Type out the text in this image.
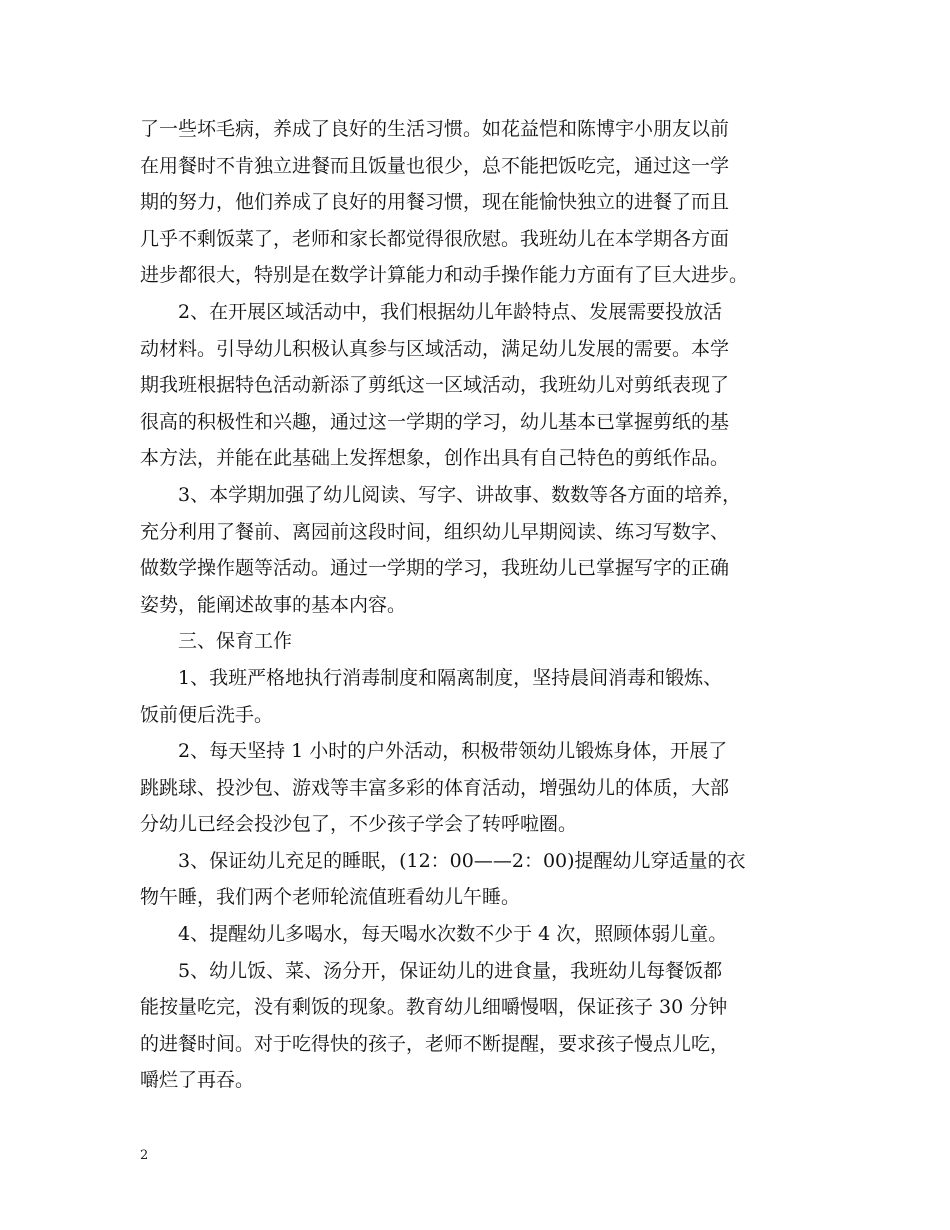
了一些坏毛病，养成了良好的生活习惯。如花益恺和陈博宇小朋友以前
在用餐时不肯独立进餐而且饭量也很少，总不能把饭吃完，通过这一学
期的努力，他们养成了良好的用餐习惯，现在能愉快独立的进餐了而且
几乎不剩饭菜了，老师和家长都觉得很欣慰。我班幼儿在本学期各方面
进步都很大，特别是在数学计算能力和动手操作能力方面有了巨大进步。
2、在开展区域活动中，我们根据幼儿年龄特点、发展需要投放活
动材料。引导幼儿积极认真参与区域活动，满足幼儿发展的需要。本学
期我班根据特色活动新添了剪纸这一区域活动，我班幼儿对剪纸表现了
很高的积极性和兴趣，通过这一学期的学习，幼儿基本已掌握剪纸的基
本方法，并能在此基础上发挥想象，创作出具有自己特色的剪纸作品。
3、本学期加强了幼儿阅读、写字、讲故事、数数等各方面的培养，
充分利用了餐前、离园前这段时间，组织幼儿早期阅读、练习写数字、
做数学操作题等活动。通过一学期的学习，我班幼儿已掌握写字的正确
姿势，能阐述故事的基本内容。
三、保育工作
1、我班严格地执行消毒制度和隔离制度，坚持晨间消毒和锻炼、
饭前便后洗手。
2、每天坚持 1 小时的户外活动，积极带领幼儿锻炼身体，开展了
跳跳球、投沙包、游戏等丰富多彩的体育活动，增强幼儿的体质，大部
分幼儿已经会投沙包了，不少孩子学会了转呼啦圈。
3、保证幼儿充足的睡眠，(12：00——2：00)提醒幼儿穿适量的衣
物午睡，我们两个老师轮流值班看幼儿午睡。
4、提醒幼儿多喝水，每天喝水次数不少于 4 次，照顾体弱儿童。
5、幼儿饭、菜、汤分开，保证幼儿的进食量，我班幼儿每餐饭都
能按量吃完，没有剩饭的现象。教育幼儿细嚼慢咽，保证孩子 30 分钟
的进餐时间。对于吃得快的孩子，老师不断提醒，要求孩子慢点儿吃，
嚼烂了再吞。
2
